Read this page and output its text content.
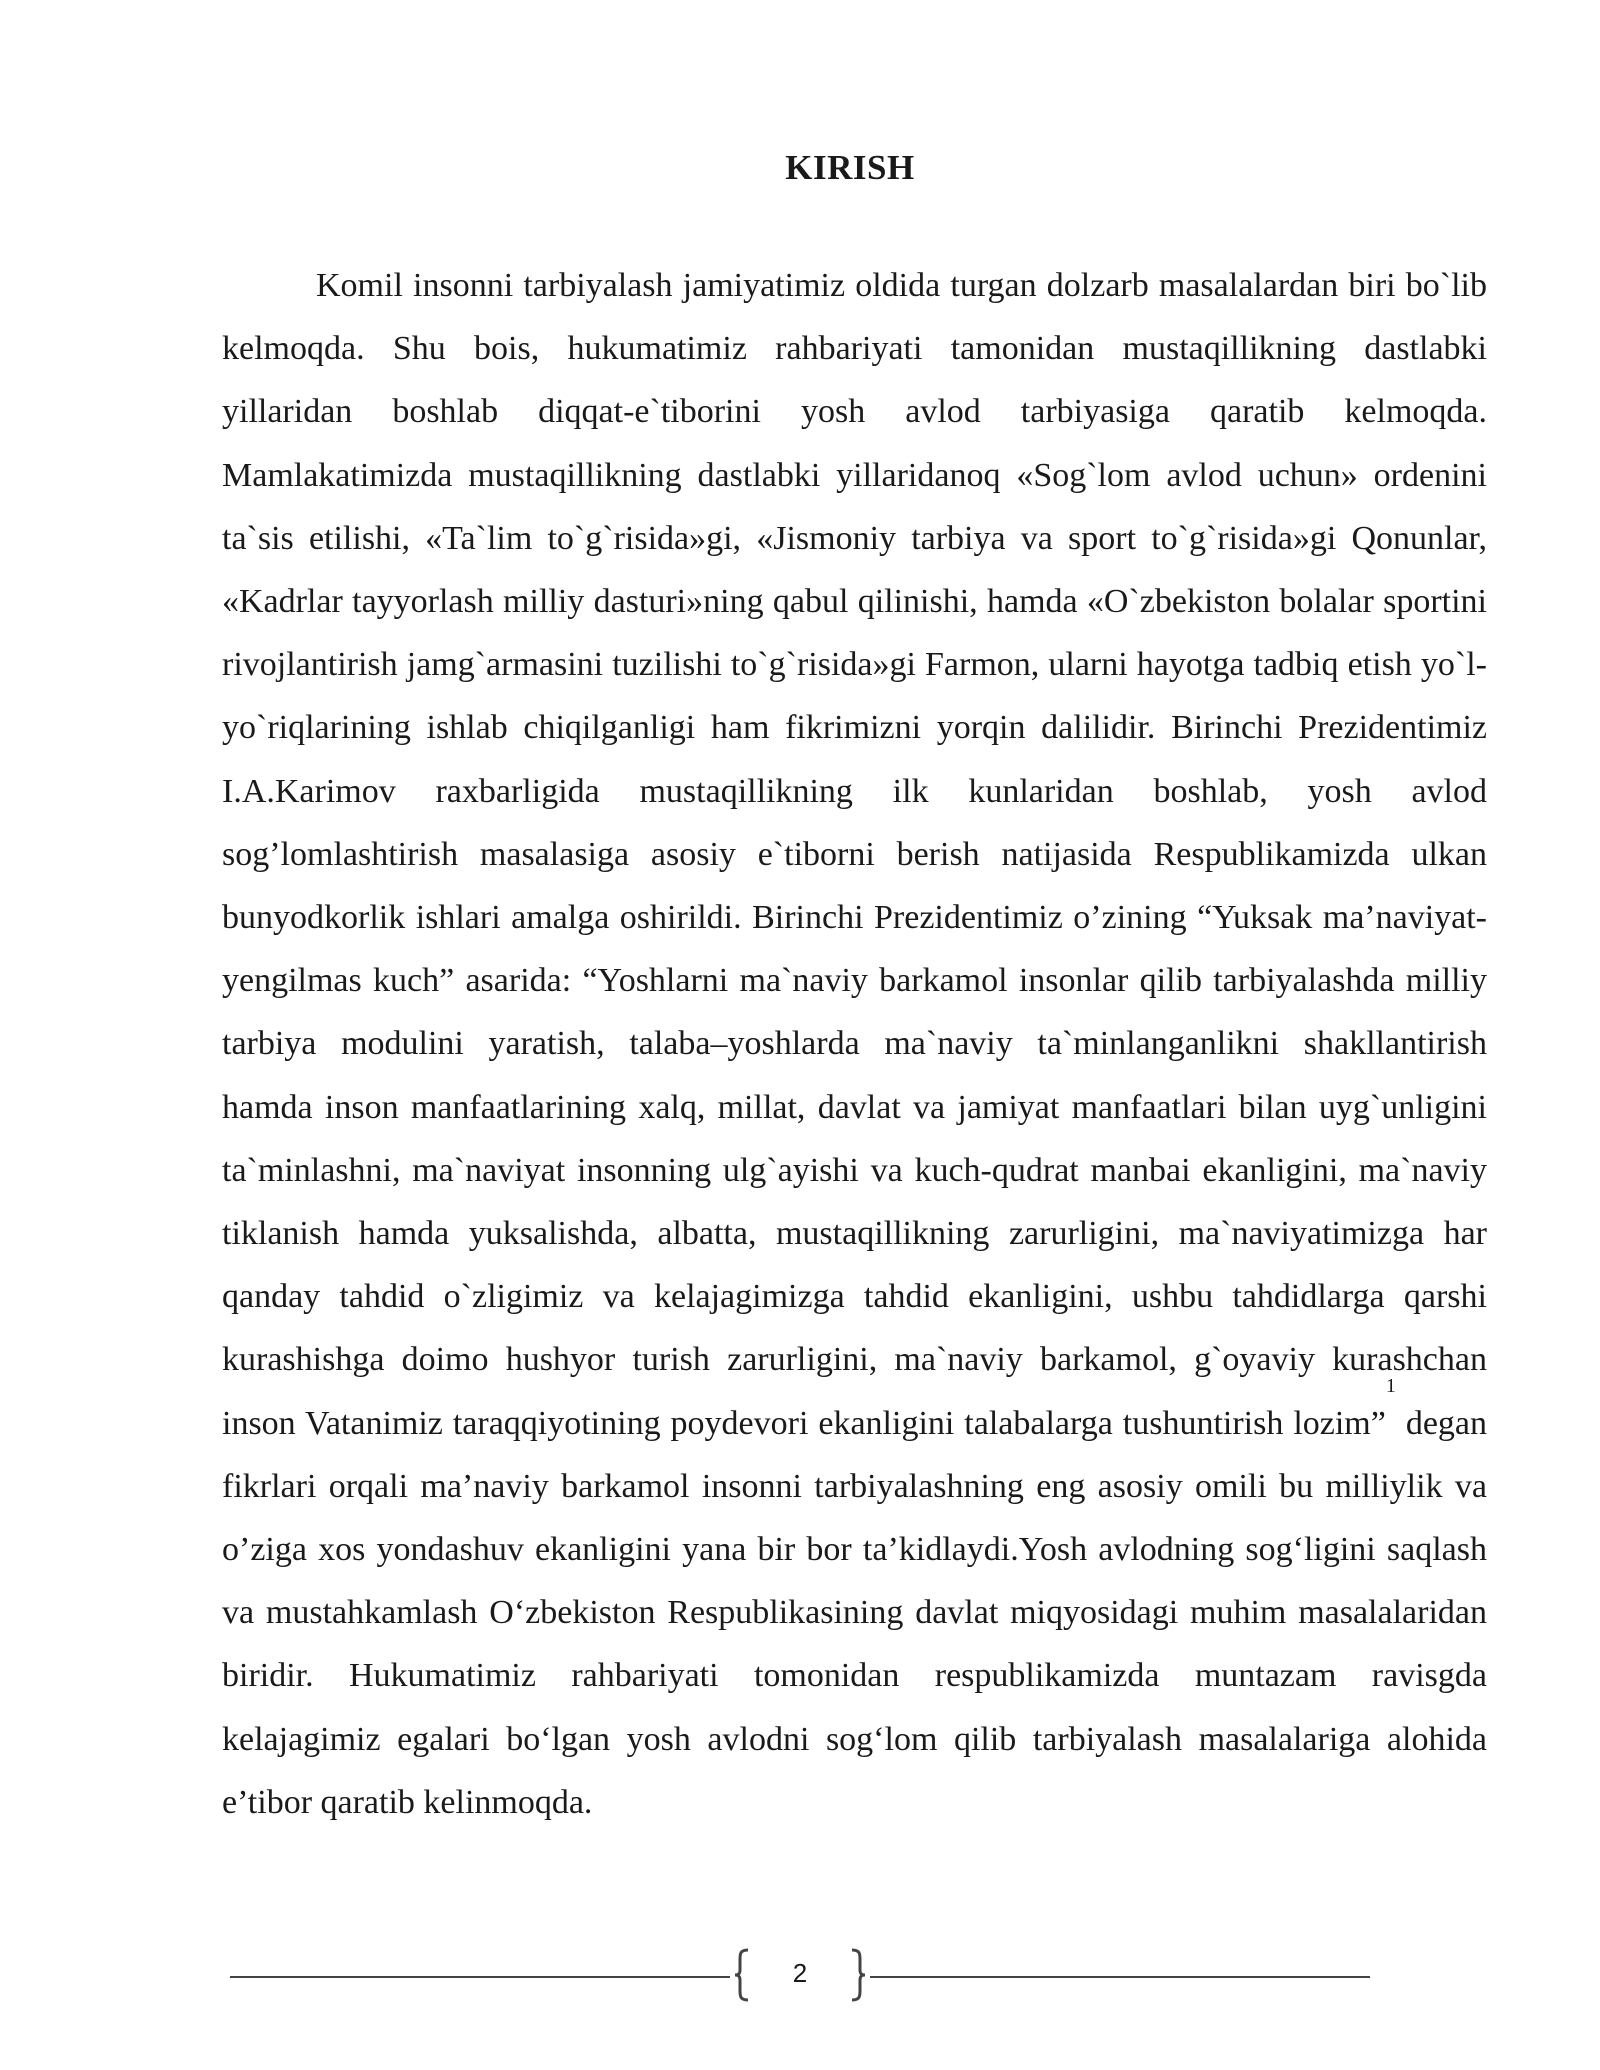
KIRISH

Komil insonni tarbiyalash jamiyatimiz oldida turgan dolzarb masalalardan biri bo`lib kelmoqda. Shu bois, hukumatimiz rahbariyati tamonidan mustaqillikning dastlabki yillaridan boshlab diqqat-e`tiborini yosh avlod tarbiyasiga qaratib kelmoqda. Mamlakatimizda mustaqillikning dastlabki yillaridanoq «Sog`lom avlod uchun» ordenini ta`sis etilishi, «Ta`lim to`g`risida»gi, «Jismoniy tarbiya va sport to`g`risida»gi Qonunlar, «Kadrlar tayyorlash milliy dasturi»ning qabul qilinishi, hamda «O`zbekiston bolalar sportini rivojlantirish jamg`armasini tuzilishi to`g`risida»gi Farmon, ularni hayotga tadbiq etish yo`l-yo`riqlarining ishlab chiqilganligi ham fikrimizni yorqin dalilidir. Birinchi Prezidentimiz I.A.Karimov raxbarligida mustaqillikning ilk kunlaridan boshlab, yosh avlod sog’lomlashtirish masalasiga asosiy e`tiborni berish natijasida Respublikamizda ulkan bunyodkorlik ishlari amalga oshirildi. Birinchi Prezidentimiz o’zining “Yuksak ma’naviyat-yengilmas kuch” asarida: “Yoshlarni ma`naviy barkamol insonlar qilib tarbiyalashda milliy tarbiya modulini yaratish, talaba–yoshlarda ma`naviy ta`minlanganlikni shakllantirish hamda inson manfaatlarining xalq, millat, davlat va jamiyat manfaatlari bilan uyg`unligini ta`minlashni, ma`naviyat insonning ulg`ayishi va kuch-qudrat manbai ekanligini, ma`naviy tiklanish hamda yuksalishda, albatta, mustaqillikning zarurligini, ma`naviyatimizga har qanday tahdid o`zligimiz va kelajagimizga tahdid ekanligini, ushbu tahdidlarga qarshi kurashishga doimo hushyor turish zarurligini, ma`naviy barkamol, g`oyaviy kurashchan inson Vatanimiz taraqqiyotining poydevori ekanligini talabalarga tushuntirish lozim”$^1$ degan fikrlari orqali ma’naviy barkamol insonni tarbiyalashning eng asosiy omili bu milliylik va o’ziga xos yondashuv ekanligini yana bir bor ta’kidlaydi.Yosh avlodning sog‘ligini saqlash va mustahkamlash O‘zbekiston Respublikasining davlat miqyosidagi muhim masalalaridan biridir. Hukumatimiz rahbariyati tomonidan respublikamizda muntazam ravisgda kelajagimiz egalari bo‘lgan yosh avlodni sog‘lom qilib tarbiyalash masalalariga alohida e’tibor qaratib kelinmoqda.

2
